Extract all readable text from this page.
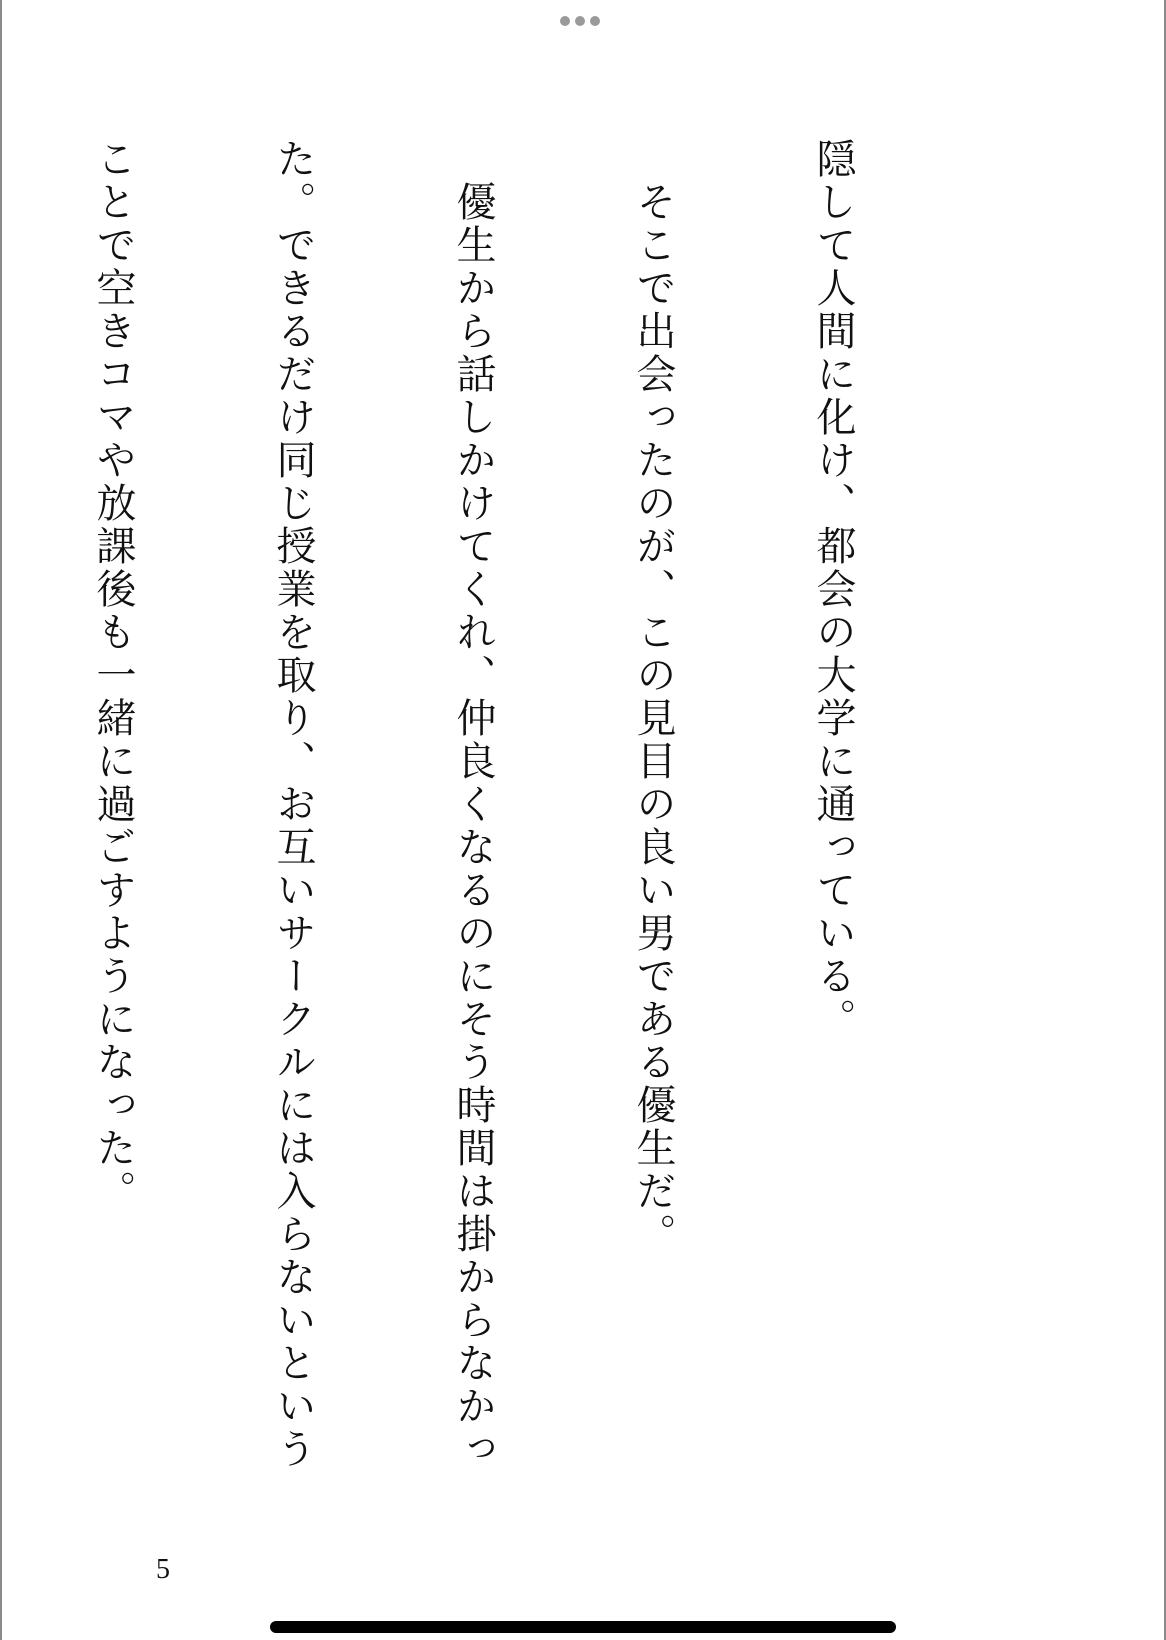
隠して人間に化け、都会の大学に通っている。

　そこで出会ったのが、この見目の良い男である優生だ。

　優生から話しかけてくれ、仲良くなるのにそう時間は掛からなかっ

た。できるだけ同じ授業を取り、お互いサークルには入らないという

ことで空きコマや放課後も一緒に過ごすようになった。

5
